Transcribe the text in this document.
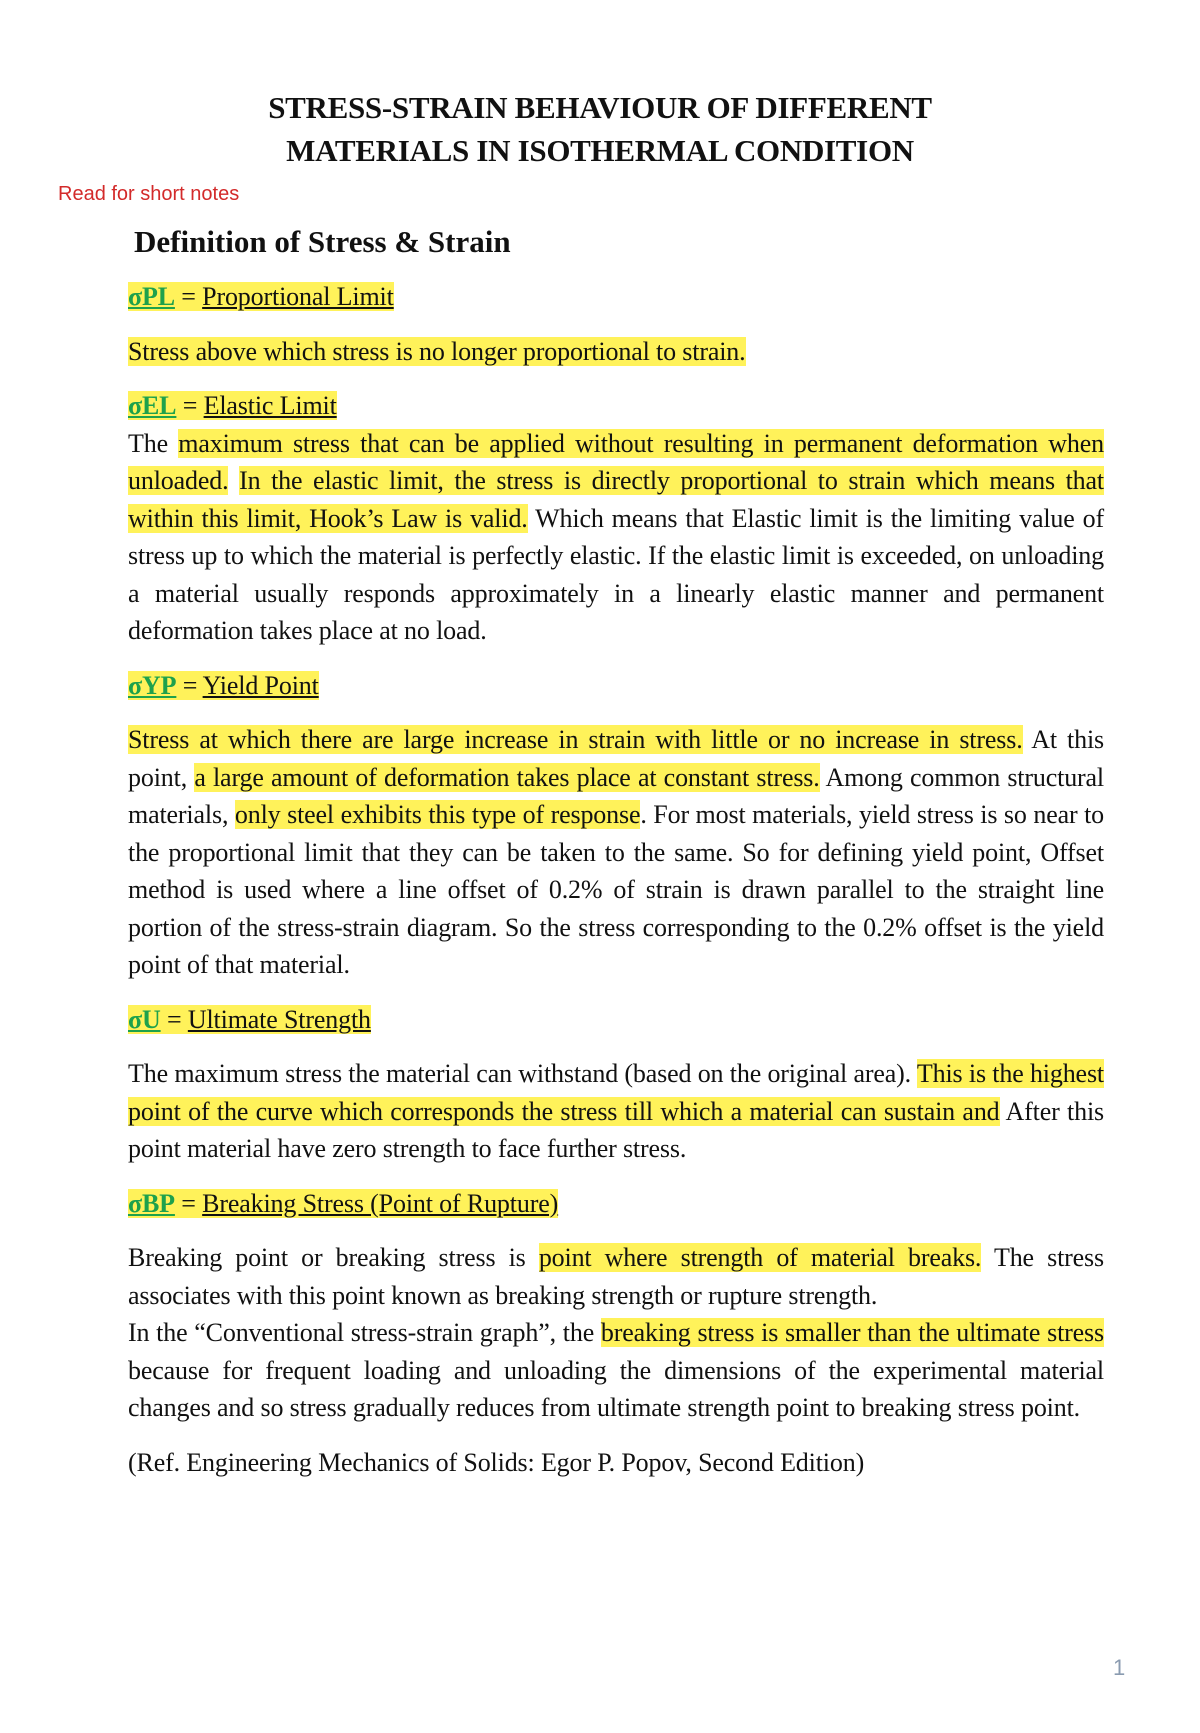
STRESS-STRAIN BEHAVIOUR OF DIFFERENT
MATERIALS IN ISOTHERMAL CONDITION
Read for short notes
Definition of Stress & Strain

σPL = Proportional Limit

Stress above which stress is no longer proportional to strain.

σEL = Elastic Limit

The maximum stress that can be applied without resulting in permanent deformation when unloaded. In the elastic limit, the stress is directly proportional to strain which means that within this limit, Hook’s Law is valid. Which means that Elastic limit is the limiting value of stress up to which the material is perfectly elastic. If the elastic limit is exceeded, on unloading a material usually responds approximately in a linearly elastic manner and permanent deformation takes place at no load.

σYP = Yield Point

Stress at which there are large increase in strain with little or no increase in stress. At this point, a large amount of deformation takes place at constant stress. Among common structural materials, only steel exhibits this type of response. For most materials, yield stress is so near to the proportional limit that they can be taken to the same. So for defining yield point, Offset method is used where a line offset of 0.2% of strain is drawn parallel to the straight line portion of the stress-strain diagram. So the stress corresponding to the 0.2% offset is the yield point of that material.

σU = Ultimate Strength

The maximum stress the material can withstand (based on the original area). This is the highest point of the curve which corresponds the stress till which a material can sustain and After this point material have zero strength to face further stress.

σBP = Breaking Stress (Point of Rupture)

Breaking point or breaking stress is point where strength of material breaks. The stress associates with this point known as breaking strength or rupture strength.

In the “Conventional stress-strain graph”, the breaking stress is smaller than the ultimate stress because for frequent loading and unloading the dimensions of the experimental material changes and so stress gradually reduces from ultimate strength point to breaking stress point.

(Ref. Engineering Mechanics of Solids: Egor P. Popov, Second Edition)

1
